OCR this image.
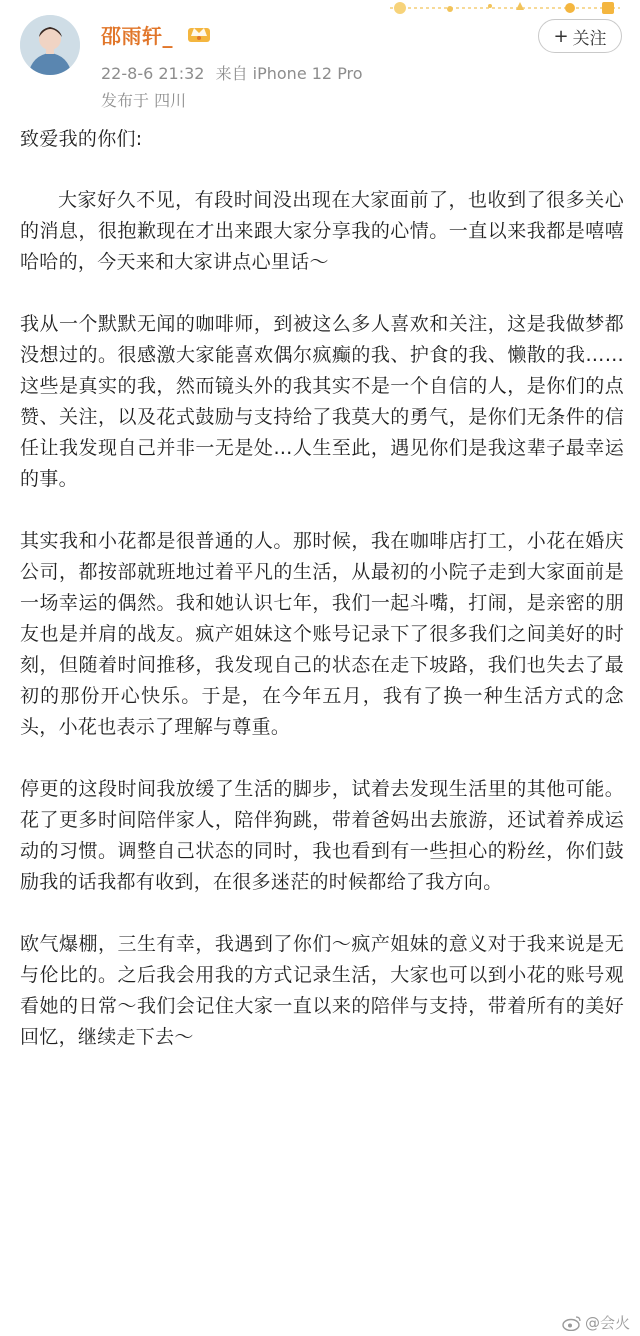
邵雨轩_
22-8-6 21:32 来自 iPhone 12 Pro
发布于 四川
+ 关注

致爱我的你们:

大家好久不见，有段时间没出现在大家面前了，也收到了很多关心的消息，很抱歉现在才出来跟大家分享我的心情。一直以来我都是嘻嘻哈哈的，今天来和大家讲点心里话～

我从一个默默无闻的咖啡师，到被这么多人喜欢和关注，这是我做梦都没想过的。很感激大家能喜欢偶尔疯癫的我、护食的我、懒散的我……这些是真实的我，然而镜头外的我其实不是一个自信的人，是你们的点赞、关注，以及花式鼓励与支持给了我莫大的勇气，是你们无条件的信任让我发现自己并非一无是处…人生至此，遇见你们是我这辈子最幸运的事。

其实我和小花都是很普通的人。那时候，我在咖啡店打工，小花在婚庆公司，都按部就班地过着平凡的生活，从最初的小院子走到大家面前是一场幸运的偶然。我和她认识七年，我们一起斗嘴，打闹，是亲密的朋友也是并肩的战友。疯产姐妹这个账号记录下了很多我们之间美好的时刻，但随着时间推移，我发现自己的状态在走下坡路，我们也失去了最初的那份开心快乐。于是，在今年五月，我有了换一种生活方式的念头，小花也表示了理解与尊重。

停更的这段时间我放缓了生活的脚步，试着去发现生活里的其他可能。花了更多时间陪伴家人，陪伴狗跳，带着爸妈出去旅游，还试着养成运动的习惯。调整自己状态的同时，我也看到有一些担心的粉丝，你们鼓励我的话我都有收到，在很多迷茫的时候都给了我方向。

欧气爆棚，三生有幸，我遇到了你们～疯产姐妹的意义对于我来说是无与伦比的。之后我会用我的方式记录生活，大家也可以到小花的账号观看她的日常～我们会记住大家一直以来的陪伴与支持，带着所有的美好回忆，继续走下去～

@会火
